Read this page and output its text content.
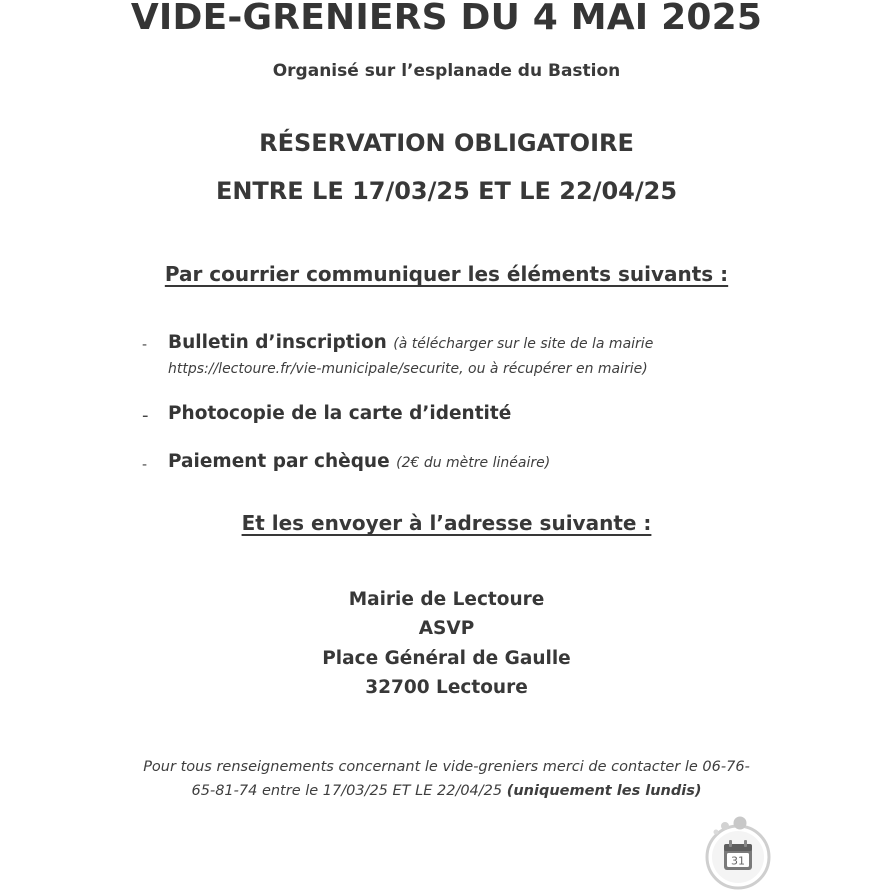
VIDE-GRENIERS DU 4 MAI 2025
Organisé sur l’esplanade du Bastion
RÉSERVATION OBLIGATOIRE
ENTRE LE 17/03/25 ET LE 22/04/25
Par courrier communiquer les éléments suivants :
- Bulletin d’inscription (à télécharger sur le site de la mairie
https://lectoure.fr/vie-municipale/securite, ou à récupérer en mairie)
- Photocopie de la carte d’identité
- Paiement par chèque (2€ du mètre linéaire)
Et les envoyer à l’adresse suivante :
Mairie de Lectoure
ASVP
Place Général de Gaulle
32700 Lectoure
Pour tous renseignements concernant le vide-greniers merci de contacter le 06-76-
65-81-74 entre le 17/03/25 ET LE 22/04/25 (uniquement les lundis)
31
